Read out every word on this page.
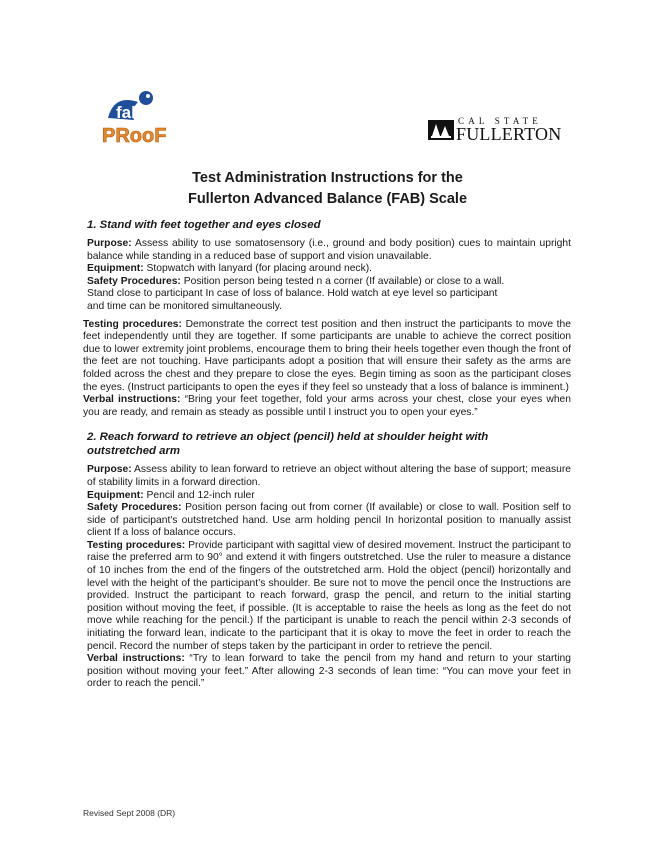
fall
PRooF
CAL STATE
FULLERTON
Test Administration Instructions for the
Fullerton Advanced Balance (FAB) Scale
1. Stand with feet together and eyes closed

Purpose: Assess ability to use somatosensory (i.e., ground and body position) cues to maintain upright balance while standing in a reduced base of support and vision unavailable.

Equipment: Stopwatch with lanyard (for placing around neck).
Safety Procedures: Position person being tested n a corner (If available) or close to a wall.
Stand close to participant In case of loss of balance. Hold watch at eye level so participant
and time can be monitored simultaneously.

Testing procedures: Demonstrate the correct test position and then instruct the participants to move the feet independently until they are together. If some participants are unable to achieve the correct position due to lower extremity joint problems, encourage them to bring their heels together even though the front of the feet are not touching. Have participants adopt a position that will ensure their safety as the arms are folded across the chest and they prepare to close the eyes. Begin timing as soon as the participant closes the eyes. (Instruct participants to open the eyes if they feel so unsteady that a loss of balance is imminent.)

Verbal instructions: “Bring your feet together, fold your arms across your chest, close your eyes when you are ready, and remain as steady as possible until I instruct you to open your eyes.”

2. Reach forward to retrieve an object (pencil) held at shoulder height with outstretched arm

Purpose: Assess ability to lean forward to retrieve an object without altering the base of support; measure of stability limits in a forward direction.

Equipment: Pencil and 12-inch ruler

Safety Procedures: Position person facing out from corner (If available) or close to wall. Position self to side of participant's outstretched hand. Use arm holding pencil In horizontal position to manually assist client If a loss of balance occurs.

Testing procedures: Provide participant with sagittal view of desired movement. Instruct the participant to raise the preferred arm to 90° and extend it with fingers outstretched. Use the ruler to measure a distance of 10 inches from the end of the fingers of the outstretched arm. Hold the object (pencil) horizontally and level with the height of the participant’s shoulder. Be sure not to move the pencil once the Instructions are provided. Instruct the participant to reach forward, grasp the pencil, and return to the initial starting position without moving the feet, if possible. (It is acceptable to raise the heels as long as the feet do not move while reaching for the pencil.) If the participant is unable to reach the pencil within 2-3 seconds of initiating the forward lean, indicate to the participant that it is okay to move the feet in order to reach the pencil. Record the number of steps taken by the participant in order to retrieve the pencil.

Verbal instructions: “Try to lean forward to take the pencil from my hand and return to your starting position without moving your feet.” After allowing 2-3 seconds of lean time: “You can move your feet in order to reach the pencil.”

Revised Sept 2008 (DR)
